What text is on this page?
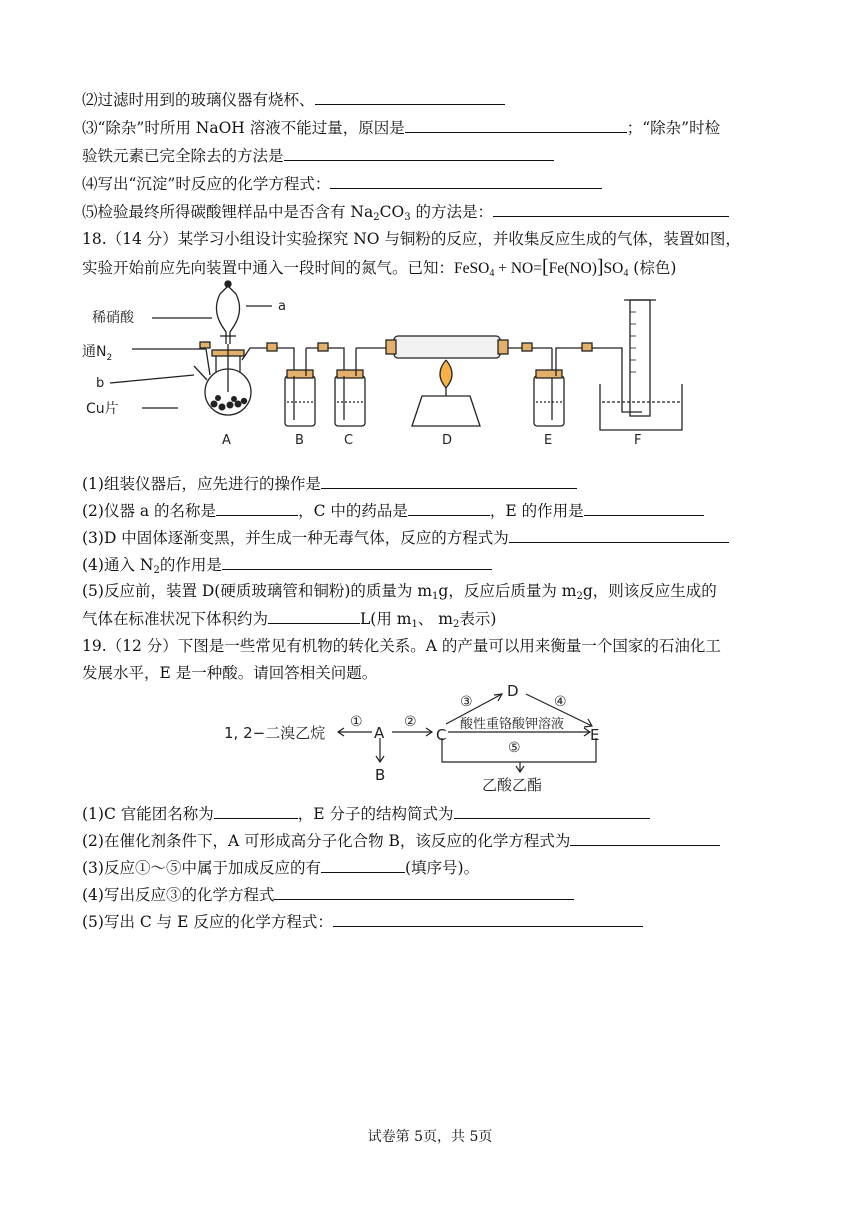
⑵过滤时用到的玻璃仪器有烧杯、
⑶“除杂”时所用 NaOH 溶液不能过量，原因是	；“除杂”时检
验铁元素已完全除去的方法是
⑷写出“沉淀”时反应的化学方程式：
⑸检验最终所得碳酸锂样品中是否含有 $Na_2CO_3$ 的方法是：
18.（14 分）某学习小组设计实验探究 NO 与铜粉的反应，并收集反应生成的气体，装置如图，
实验开始前应先向装置中通入一段时间的氮气。已知：FeSO$_4$ + $NO=[Fe(NO)]SO_4$ (棕色)
稀硝酸
a
通$N_2$
b
Cu片
A	B	C	D	E	F
(1)组装仪器后，应先进行的操作是
(2)仪器 a 的名称是	，C 中的药品是	，E 的作用是
(3)D 中固体逐渐变黑，并生成一种无毒气体，反应的方程式为
(4)通入 $N_2$的作用是
(5)反应前，装置 D(硬质玻璃管和铜粉)的质量为 $m_1g$，反应后质量为 $m_2g$，则该反应生成的
气体在标准状况下体积约为	L(用 $m_1$、 $m_2$表示)
19.（12 分）下图是一些常见有机物的转化关系。A 的产量可以用来衡量一个国家的石油化工
发展水平，E 是一种酸。请回答相关问题。
1, 2−二溴乙烷
①
A
②
B
C
③
D
④
酸性重铬酸钾溶液
⑤
E
乙酸乙酯
(1)C 官能团名称为	，E 分子的结构简式为
(2)在催化剂条件下，A 可形成高分子化合物 B，该反应的化学方程式为
(3)反应①～⑤中属于加成反应的有	(填序号)。
(4)写出反应③的化学方程式
(5)写出 C 与 E 反应的化学方程式：
试卷第 5页，共 5页
